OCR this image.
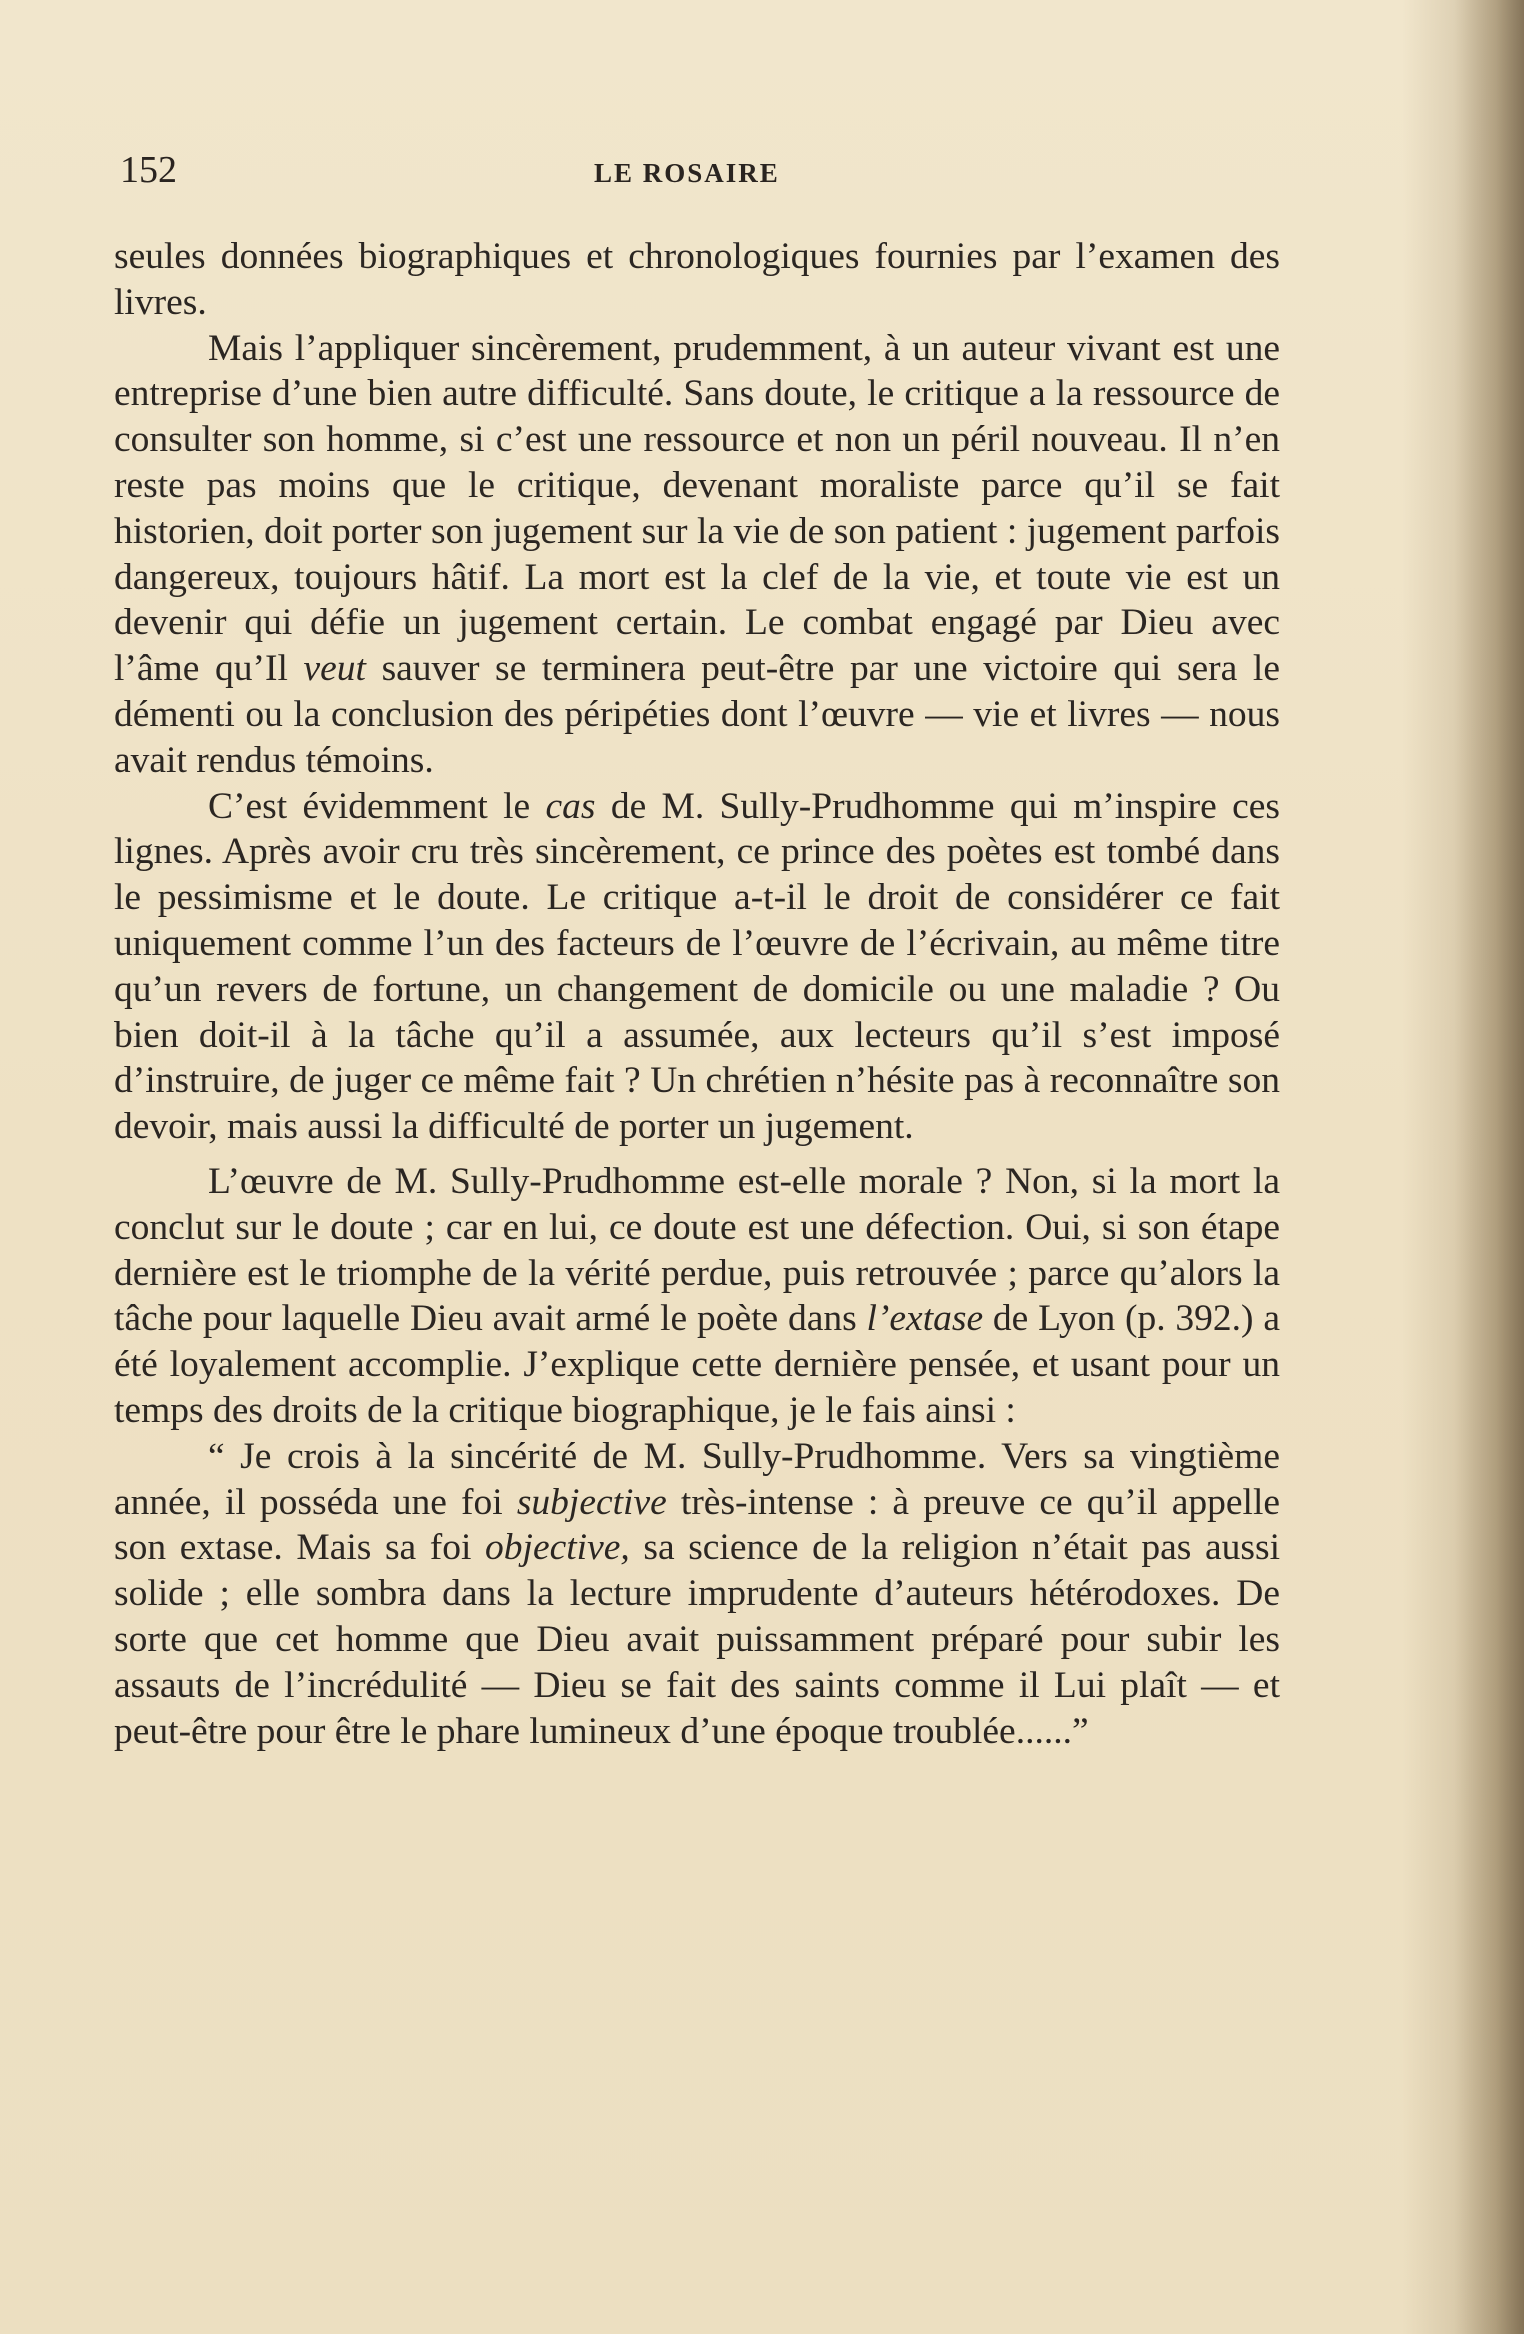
152	LE ROSAIRE

seules données biographiques et chronologiques fournies par l’examen des livres.

Mais l’appliquer sincèrement, prudemment, à un auteur vivant est une entreprise d’une bien autre difficulté. Sans doute, le critique a la ressource de consulter son homme, si c’est une ressource et non un péril nouveau. Il n’en reste pas moins que le critique, devenant moraliste parce qu’il se fait historien, doit porter son jugement sur la vie de son patient : jugement parfois dangereux, toujours hâtif. La mort est la clef de la vie, et toute vie est un devenir qui défie un jugement certain. Le combat engagé par Dieu avec l’âme qu’Il veut sauver se terminera peut-être par une victoire qui sera le démenti ou la conclusion des péripéties dont l’œuvre — vie et livres — nous avait rendus témoins.

C’est évidemment le cas de M. Sully-Prudhomme qui m’inspire ces lignes. Après avoir cru très sincèrement, ce prince des poètes est tombé dans le pessimisme et le doute. Le critique a-t-il le droit de considérer ce fait uniquement comme l’un des facteurs de l’œuvre de l’écrivain, au même titre qu’un revers de fortune, un changement de domicile ou une maladie ? Ou bien doit-il à la tâche qu’il a assumée, aux lecteurs qu’il s’est imposé d’instruire, de juger ce même fait ? Un chrétien n’hésite pas à reconnaître son devoir, mais aussi la difficulté de porter un jugement.

L’œuvre de M. Sully-Prudhomme est-elle morale ? Non, si la mort la conclut sur le doute ; car en lui, ce doute est une défection. Oui, si son étape dernière est le triomphe de la vérité perdue, puis retrouvée ; parce qu’alors la tâche pour laquelle Dieu avait armé le poète dans l’extase de Lyon (p. 392.) a été loyalement accomplie. J’explique cette dernière pensée, et usant pour un temps des droits de la critique biographique, je le fais ainsi :

“ Je crois à la sincérité de M. Sully-Prudhomme. Vers sa vingtième année, il posséda une foi subjective très-intense : à preuve ce qu’il appelle son extase. Mais sa foi objective, sa science de la religion n’était pas aussi solide ; elle sombra dans la lecture imprudente d’auteurs hétérodoxes. De sorte que cet homme que Dieu avait puissamment préparé pour subir les assauts de l’incrédulité — Dieu se fait des saints comme il Lui plaît — et peut-être pour être le phare lumineux d’une époque troublée......”
